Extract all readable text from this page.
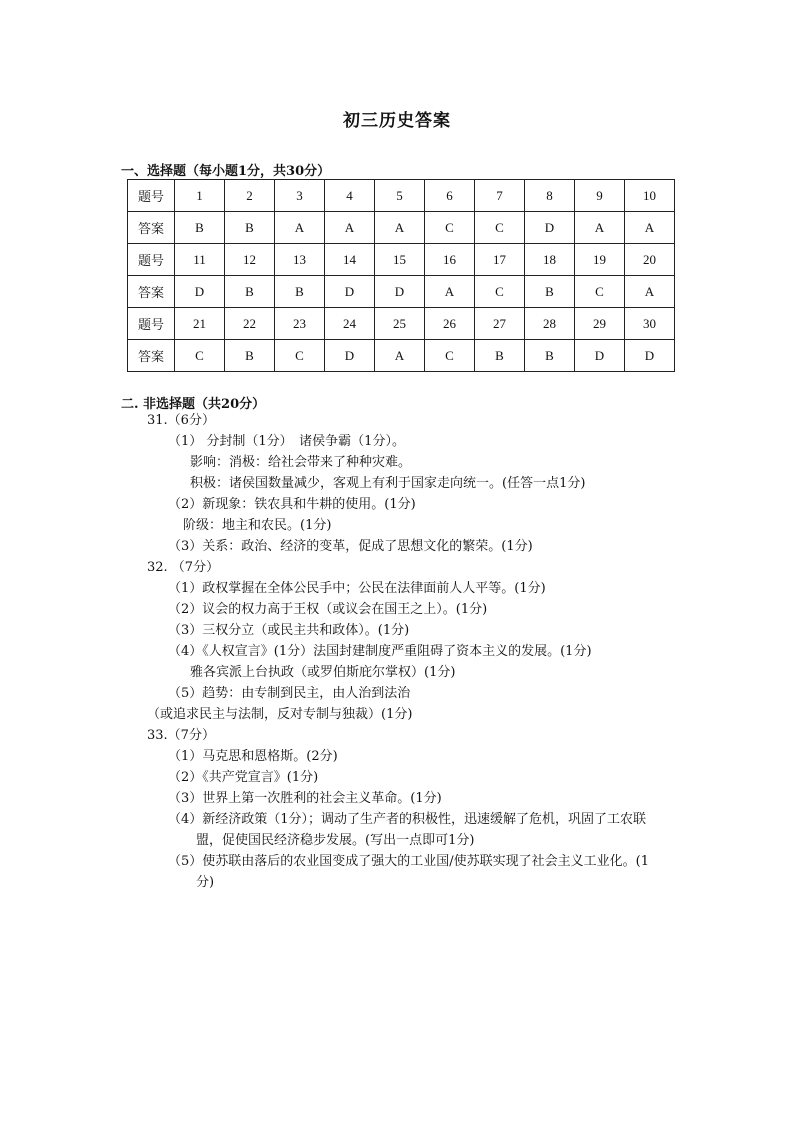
初三历史答案
一、选择题（每小题1分，共30分）
题号	1	2	3	4	5	6	7	8	9	10
答案	B	B	A	A	A	C	C	D	A	A
题号	11	12	13	14	15	16	17	18	19	20
答案	D	B	B	D	D	A	C	B	C	A
题号	21	22	23	24	25	26	27	28	29	30
答案	C	B	C	D	A	C	B	B	D	D
二. 非选择题（共20分）
31.（6分）
（1） 分封制（1分）　诸侯争霸（1分）。
影响：消极：给社会带来了种种灾难。
积极：诸侯国数量减少，客观上有利于国家走向统一。(任答一点1分)
（2）新现象：铁农具和牛耕的使用。(1分)
阶级：地主和农民。(1分)
（3）关系：政治、经济的变革，促成了思想文化的繁荣。(1分)
32. （7分）
（1）政权掌握在全体公民手中；公民在法律面前人人平等。(1分)
（2）议会的权力高于王权（或议会在国王之上）。(1分)
（3）三权分立（或民主共和政体）。(1分)
（4）《人权宣言》(1分）法国封建制度严重阻碍了资本主义的发展。(1分)
雅各宾派上台执政（或罗伯斯庇尔掌权）(1分)
（5）趋势：由专制到民主，由人治到法治
（或追求民主与法制，反对专制与独裁）(1分)
33.（7分）
（1）马克思和恩格斯。(2分)
（2）《共产党宣言》(1分)
（3）世界上第一次胜利的社会主义革命。(1分)
（4）新经济政策（1分）；调动了生产者的积极性，迅速缓解了危机，巩固了工农联
盟，促使国民经济稳步发展。(写出一点即可1分)
（5）使苏联由落后的农业国变成了强大的工业国/使苏联实现了社会主义工业化。(1
分)
